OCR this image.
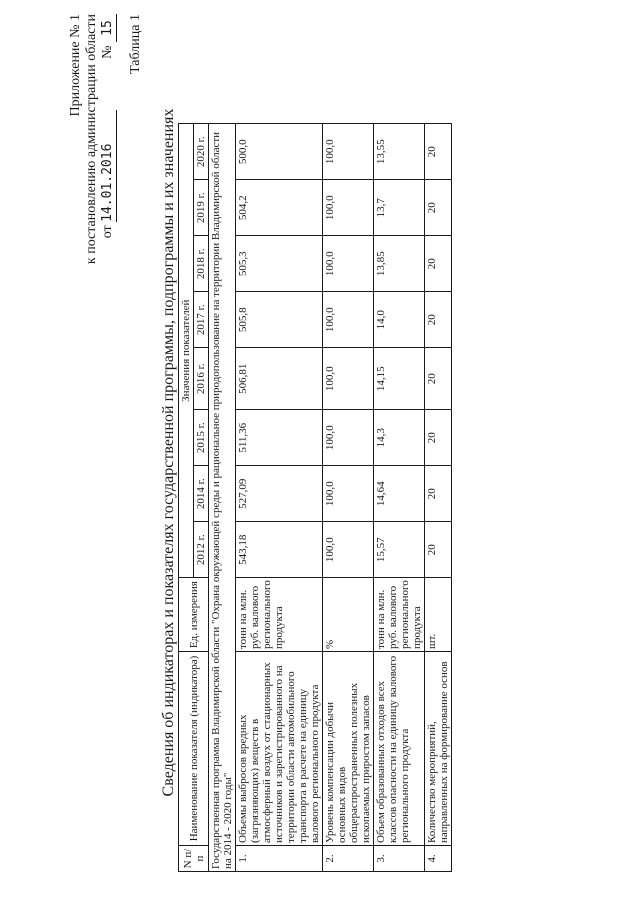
Приложение № 1 к постановлению администрации области от 14.01.2016  № 15 Таблица 1
Сведения об индикаторах и показателях государственной программы, подпрограммы и их значениях
N п/п	Наименование показателя (индикатора)	Ед. измерения	Значения показателей							
			2012 г.	2014 г.	2015 г.	2016 г.	2017 г.	2018 г.	2019 г.	2020 г.
Государственная программа Владимирской области "Охрана окружающей среды и рациональное природопользование на территории Владимирской области на 2014 - 2020 годы"										
1.	Объемы выбросов вредных (загрязняющих) веществ в атмосферный воздух от стационарных источников и зарегистрированного на территории области автомобильного транспорта в расчете на единицу валового регионального продукта	тонн на млн. руб. валового регионального продукта	543,18	527,09	511,36	506,81	505,8	505,3	504,2	500,0
2.	Уровень компенсации добычи основных видов общераспространенных полезных ископаемых приростом запасов	%	100,0	100,0	100,0	100,0	100,0	100,0	100,0	100,0
3.	Объем образованных отходов всех классов опасности на единицу валового регионального продукта	тонн на млн. руб. валового регионального продукта	15,57	14,64	14,3	14,15	14,0	13,85	13,7	13,55
4.	Количество мероприятий, направленных на формирование основ	шт.	20	20	20	20	20	20	20	20
